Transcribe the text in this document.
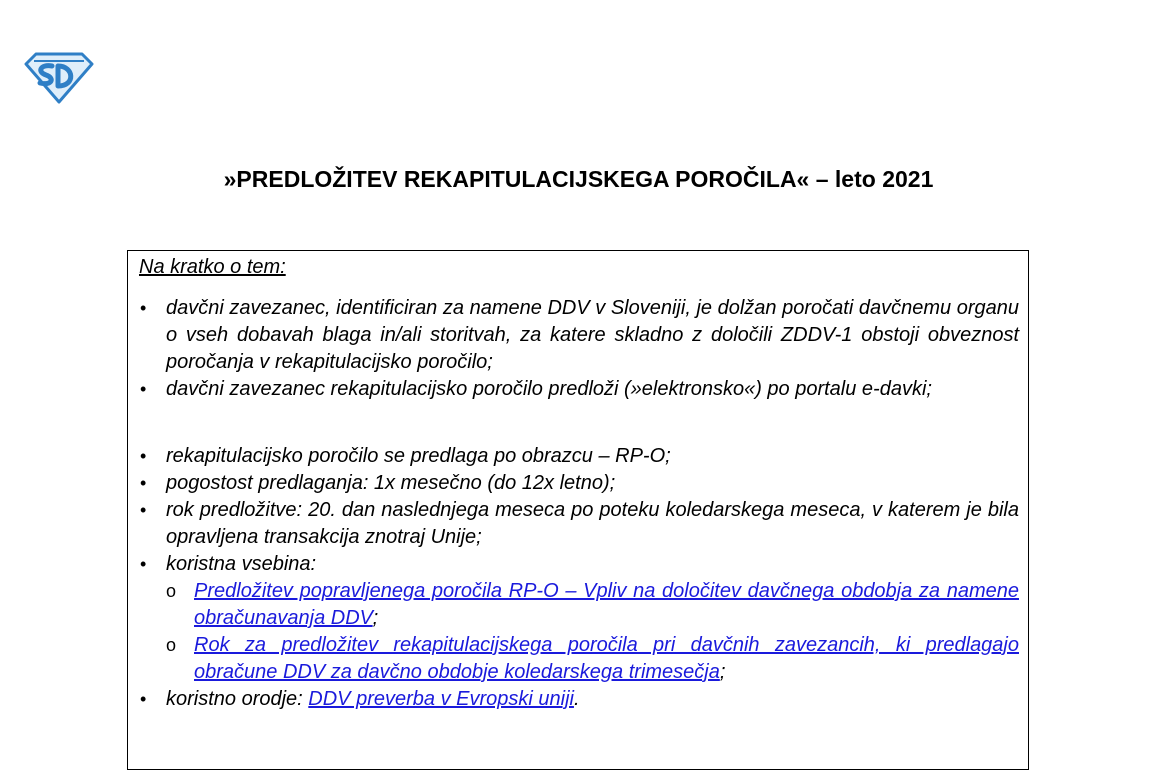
»PREDLOŽITEV REKAPITULACIJSKEGA POROČILA« – leto 2021
Na kratko o tem:
• davčni zavezanec, identificiran za namene DDV v Sloveniji, je dolžan poročati davčnemu organu o vseh dobavah blaga in/ali storitvah, za katere skladno z določili ZDDV-1 obstoji obveznost poročanja v rekapitulacijsko poročilo;
• davčni zavezanec rekapitulacijsko poročilo predloži (»elektronsko«) po portalu e-davki;
• rekapitulacijsko poročilo se predlaga po obrazcu – RP-O;
• pogostost predlaganja: 1x mesečno (do 12x letno);
• rok predložitve: 20. dan naslednjega meseca po poteku koledarskega meseca, v katerem je bila opravljena transakcija znotraj Unije;
• koristna vsebina:
o Predložitev popravljenega poročila RP-O – Vpliv na določitev davčnega obdobja za namene obračunavanja DDV;
o Rok za predložitev rekapitulacijskega poročila pri davčnih zavezancih, ki predlagajo obračune DDV za davčno obdobje koledarskega trimesečja;
• koristno orodje: DDV preverba v Evropski uniji.
